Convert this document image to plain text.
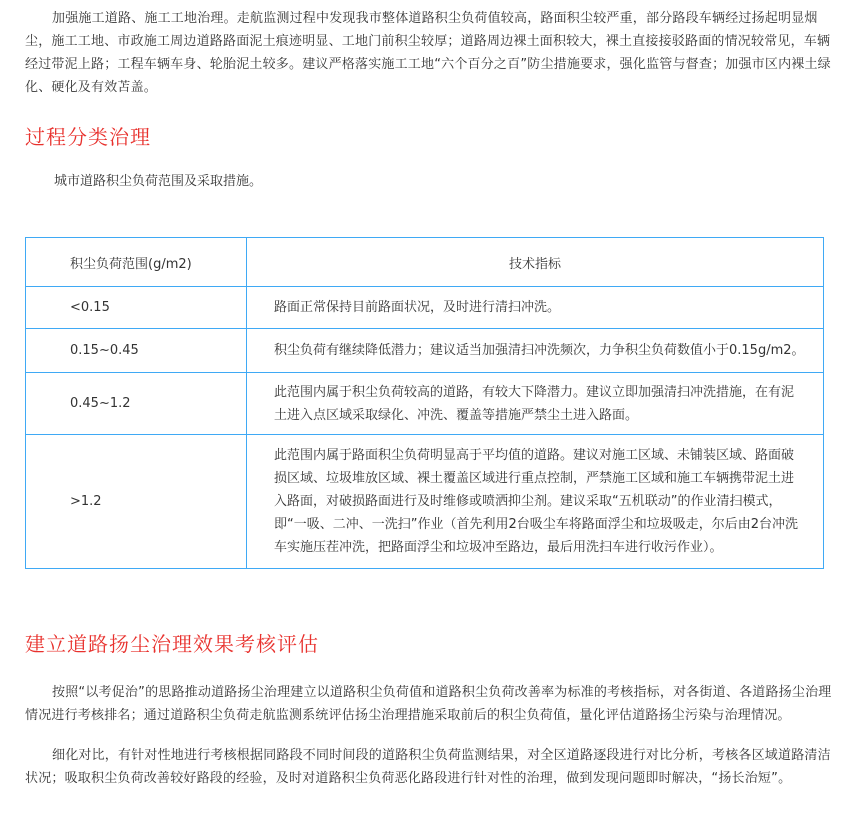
加强施工道路、施工工地治理。走航监测过程中发现我市整体道路积尘负荷值较高，路面积尘较严重，部分路段车辆经过扬起明显烟尘，施工工地、市政施工周边道路路面泥土痕迹明显、工地门前积尘较厚；道路周边裸土面积较大，裸土直接接驳路面的情况较常见，车辆经过带泥上路；工程车辆车身、轮胎泥土较多。建议严格落实施工工地“六个百分之百”防尘措施要求，强化监管与督查；加强市区内裸土绿化、硬化及有效苫盖。

过程分类治理

城市道路积尘负荷范围及采取措施。

积尘负荷范围(g/m2)	技术指标
<0.15	路面正常保持目前路面状况，及时进行清扫冲洗。
0.15~0.45	积尘负荷有继续降低潜力；建议适当加强清扫冲洗频次，力争积尘负荷数值小于0.15g/m2。
0.45~1.2	此范围内属于积尘负荷较高的道路，有较大下降潜力。建议立即加强清扫冲洗措施，在有泥土进入点区域采取绿化、冲洗、覆盖等措施严禁尘土进入路面。
>1.2	此范围内属于路面积尘负荷明显高于平均值的道路。建议对施工区域、未铺装区域、路面破损区域、垃圾堆放区域、裸土覆盖区域进行重点控制，严禁施工区域和施工车辆携带泥土进入路面，对破损路面进行及时维修或喷洒抑尘剂。建议采取“五机联动”的作业清扫模式，即“一吸、二冲、一洗扫”作业（首先利用2台吸尘车将路面浮尘和垃圾吸走，尔后由2台冲洗车实施压茬冲洗，把路面浮尘和垃圾冲至路边，最后用洗扫车进行收污作业）。
建立道路扬尘治理效果考核评估

按照“以考促治”的思路推动道路扬尘治理建立以道路积尘负荷值和道路积尘负荷改善率为标准的考核指标，对各街道、各道路扬尘治理情况进行考核排名；通过道路积尘负荷走航监测系统评估扬尘治理措施采取前后的积尘负荷值，量化评估道路扬尘污染与治理情况。

细化对比，有针对性地进行考核根据同路段不同时间段的道路积尘负荷监测结果，对全区道路逐段进行对比分析，考核各区域道路清洁状况；吸取积尘负荷改善较好路段的经验，及时对道路积尘负荷恶化路段进行针对性的治理，做到发现问题即时解决，“扬长治短”。
